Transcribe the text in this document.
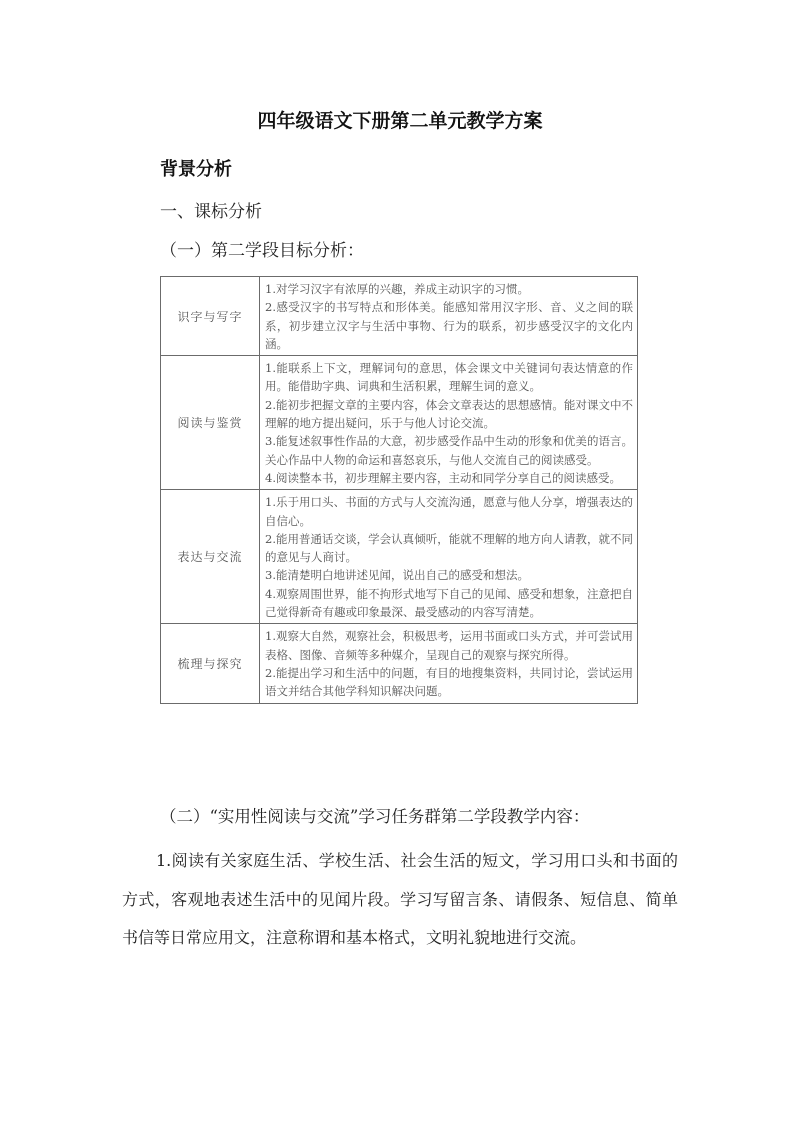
四年级语文下册第二单元教学方案
背景分析
一、课标分析
（一）第二学段目标分析：
识字与写字	1.对学习汉字有浓厚的兴趣，养成主动识字的习惯。
2.感受汉字的书写特点和形体美。能感知常用汉字形、音、义之间的联系，初步建立汉字与生活中事物、行为的联系，初步感受汉字的文化内涵。

阅读与鉴赏	1.能联系上下文，理解词句的意思，体会课文中关键词句表达情意的作用。能借助字典、词典和生活积累，理解生词的意义。
2.能初步把握文章的主要内容，体会文章表达的思想感情。能对课文中不理解的地方提出疑问，乐于与他人讨论交流。
3.能复述叙事性作品的大意，初步感受作品中生动的形象和优美的语言。关心作品中人物的命运和喜怒哀乐，与他人交流自己的阅读感受。
4.阅读整本书，初步理解主要内容，主动和同学分享自己的阅读感受。

表达与交流	1.乐于用口头、书面的方式与人交流沟通，愿意与他人分享，增强表达的自信心。
2.能用普通话交谈，学会认真倾听，能就不理解的地方向人请教，就不同的意见与人商讨。
3.能清楚明白地讲述见闻，说出自己的感受和想法。
4.观察周围世界，能不拘形式地写下自己的见闻、感受和想象，注意把自己觉得新奇有趣或印象最深、最受感动的内容写清楚。

梳理与探究	1.观察大自然，观察社会，积极思考，运用书面或口头方式，并可尝试用表格、图像、音频等多种媒介，呈现自己的观察与探究所得。
2.能提出学习和生活中的问题，有目的地搜集资料，共同讨论，尝试运用语文并结合其他学科知识解决问题。
（二）“实用性阅读与交流”学习任务群第二学段教学内容：
1.阅读有关家庭生活、学校生活、社会生活的短文，学习用口头和书面的方式，客观地表述生活中的见闻片段。学习写留言条、请假条、短信息、简单书信等日常应用文，注意称谓和基本格式，文明礼貌地进行交流。
